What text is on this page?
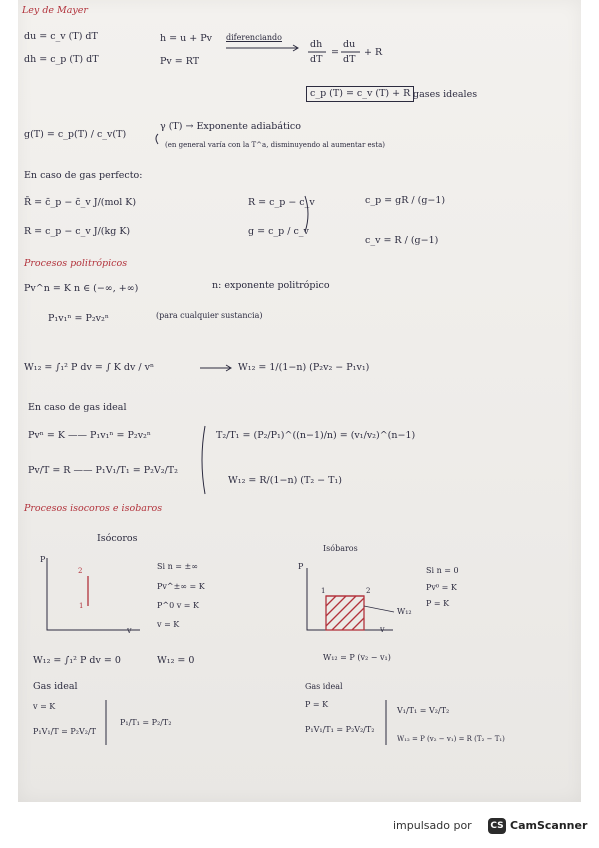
Ley de Mayer
du = c_v (T) dT
dh = c_p (T) dT
h = u + Pv
Pv = RT
diferenciando
dh
dT
=
du
dT
+ R
c_p (T) = c_v (T) + R gases ideales
g(T) = c_p(T) / c_v(T)
γ (T) → Exponente adiabático
(en general varía con la T^a, disminuyendo al aumentar esta)
En caso de gas perfecto:
R̄ = c̄_p − c̄_v J/(mol K)
R = c_p − c_v J/(kg K)
R = c_p − c_v
g = c_p / c_v
c_p = gR / (g−1)
c_v = R / (g−1)
Procesos politrópicos
Pv^n = K n ∈ (−∞, +∞)	n: exponente politrópico
P₁v₁ⁿ = P₂v₂ⁿ	(para cualquier sustancia)
W₁₂ = ∫₁² P dv = ∫ K dv / vⁿ	W₁₂ = 1/(1−n) (P₂v₂ − P₁v₁)
En caso de gas ideal
Pvⁿ = K —— P₁v₁ⁿ = P₂v₂ⁿ
Pv/T = R —— P₁V₁/T₁ = P₂V₂/T₂
T₂/T₁ = (P₂/P₁)^((n−1)/n) = (v₁/v₂)^(n−1)
W₁₂ = R/(1−n) (T₂ − T₁)
Procesos isocoros e isobaros
Isócoros
P
v
2
1
Si n = ±∞
Pv^±∞ = K
P^0 v = K
v = K
W₁₂ = ∫₁² P dv = 0	W₁₂ = 0
Gas ideal
v = K
P₁V₁/T = P₂V₂/T
P₁/T₁ = P₂/T₂
Isóbaros
P
v
1	2
W₁₂
Si n = 0
Pv⁰ = K
P = K
W₁₂ = P (v₂ − v₁)
Gas ideal
P = K
P₁V₁/T₁ = P₂V₂/T₂
V₁/T₁ = V₂/T₂
W₁₂ = P (v₂ − v₁) = R (T₂ − T₁)
impulsado por CS CamScanner
